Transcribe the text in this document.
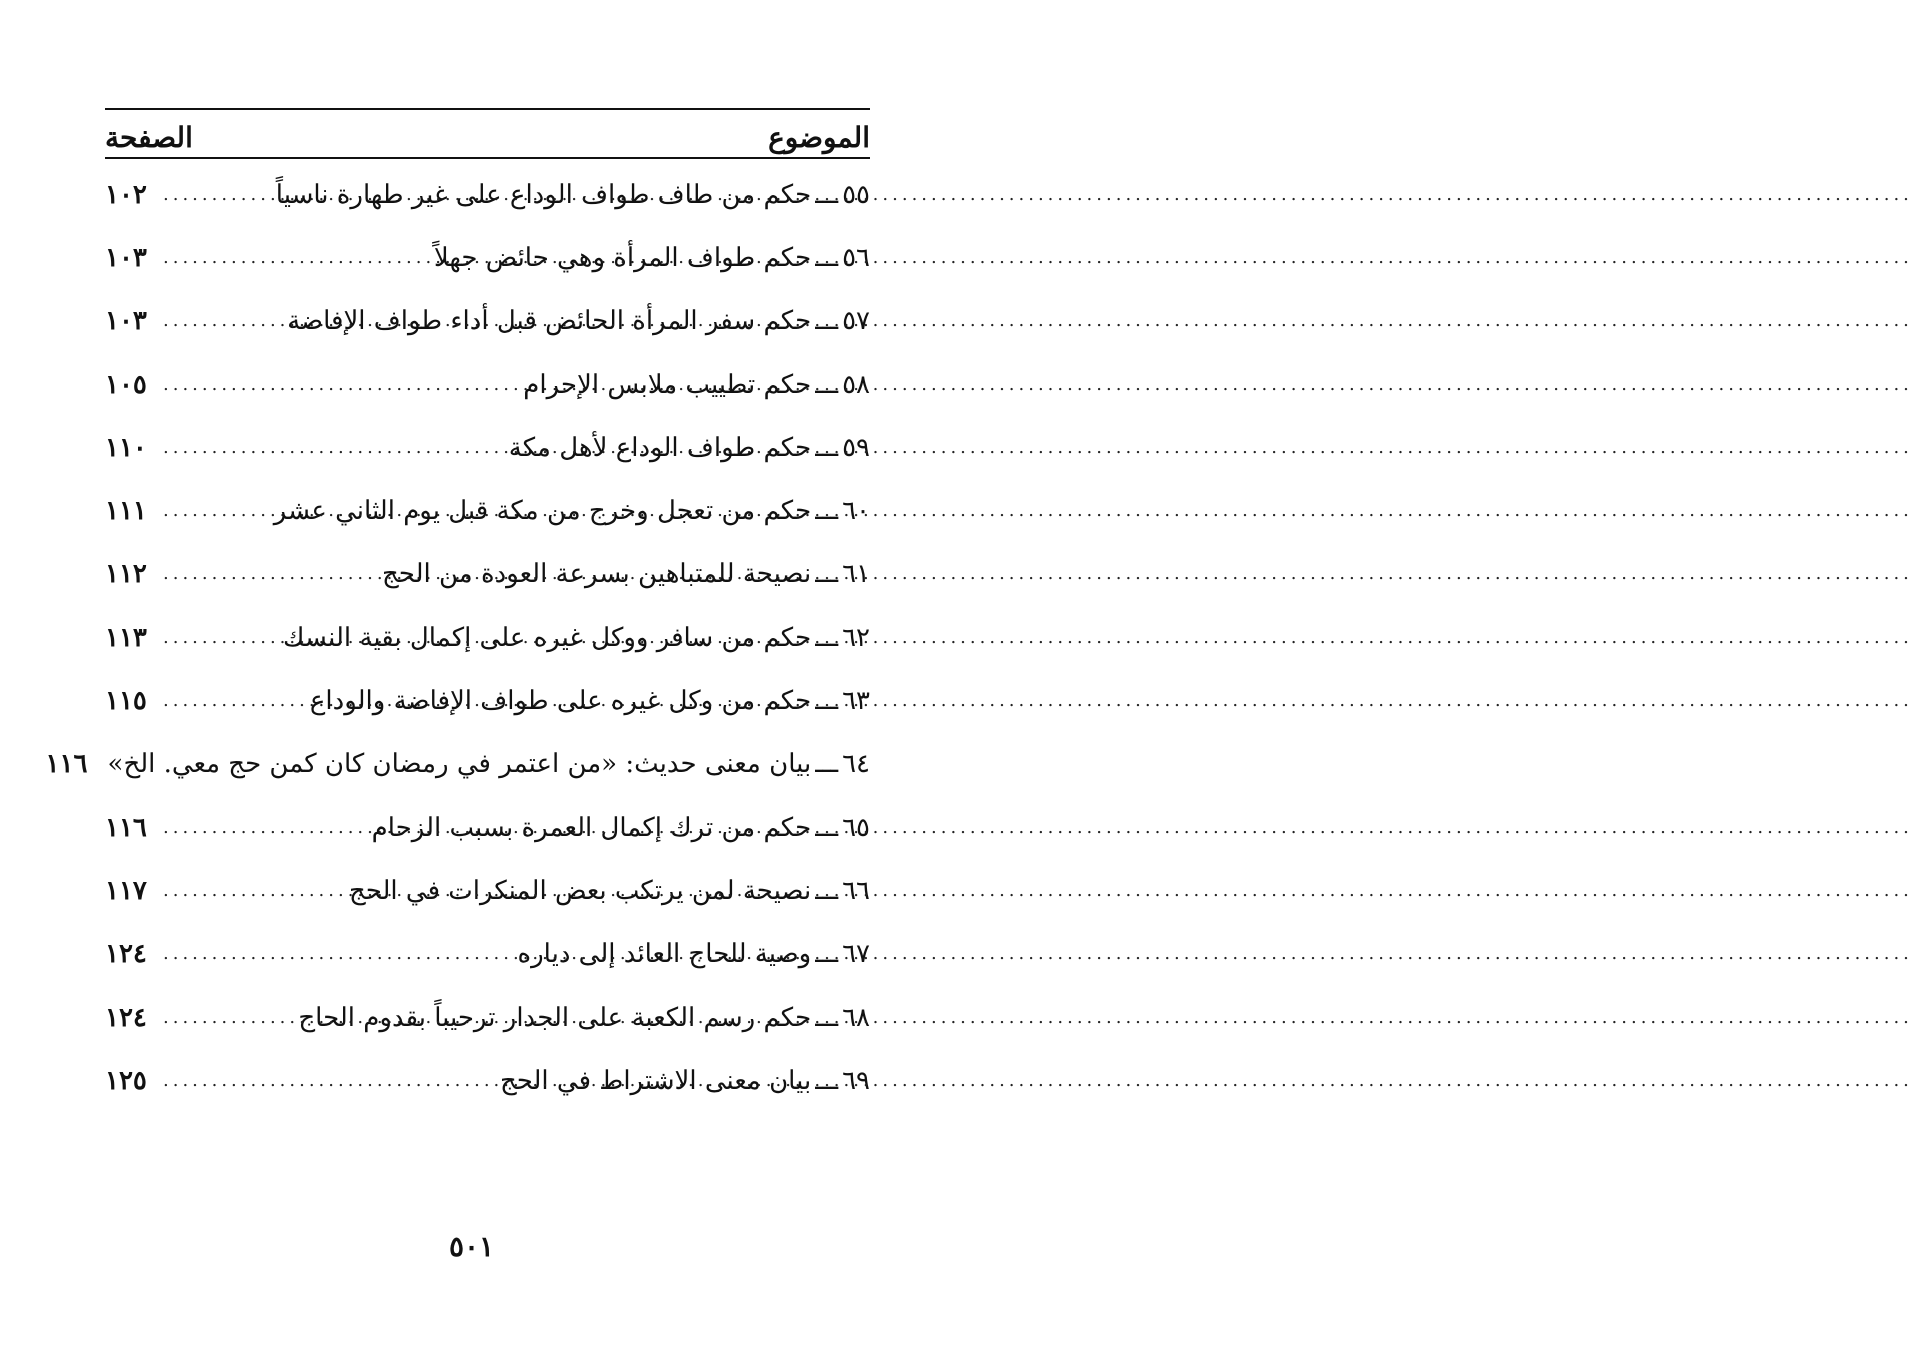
الموضوع
الصفحة
٥٥
ـــ
حكم من طاف طواف الوداع على غير طهارة ناسياً
.....
١٠٢
٥٦
ـــ
حكم طواف المرأة وهي حائض جهلاً
.....
١٠٣
٥٧
ـــ
حكم سفر المرأة الحائض قبل أداء طواف الإفاضة
.....
١٠٣
٥٨
ـــ
حكم تطييب ملابس الإحرام
.....
١٠٥
٥٩
ـــ
حكم طواف الوداع لأهل مكة
.....
١١٠
٦٠
ـــ
حكم من تعجل وخرج من مكة قبل يوم الثاني عشر
.....
١١١
٦١
ـــ
نصيحة للمتباهين بسرعة العودة من الحج
.....
١١٢
٦٢
ـــ
حكم من سافر ووكل غيره على إكمال بقية النسك
.....
١١٣
٦٣
ـــ
حكم من وكل غيره على طواف الإفاضة والوداع
.....
١١٥
٦٤
ـــ
بيان معنى حديث: «من اعتمر في رمضان كان كمن حج معي. الخ»
١١٦
٦٥
ـــ
حكم من ترك إكمال العمرة بسبب الزحام
.....
١١٦
٦٦
ـــ
نصيحة لمن يرتكب بعض المنكرات في الحج
.....
١١٧
٦٧
ـــ
وصية للحاج العائد إلى دياره
.....
١٢٤
٦٨
ـــ
حكم رسم الكعبة على الجدار ترحيباً بقدوم الحاج
.....
١٢٤
٦٩
ـــ
بيان معنى الاشتراط في الحج
.....
١٢٥
٥٠١
